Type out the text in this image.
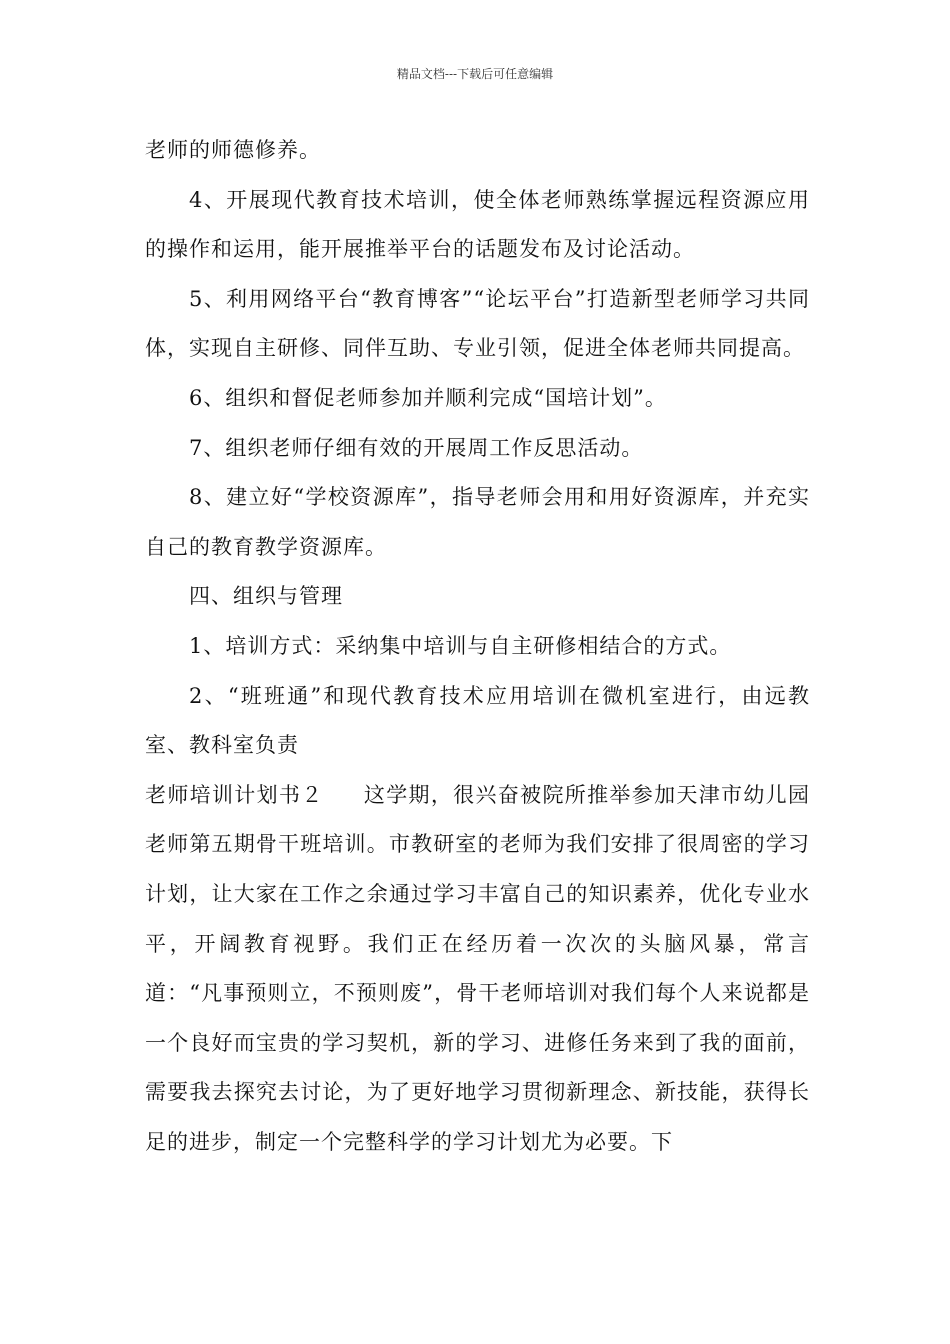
精品文档---下载后可任意编辑

老师的师德修养。

4、开展现代教育技术培训，使全体老师熟练掌握远程资源应用的操作和运用，能开展推举平台的话题发布及讨论活动。

5、利用网络平台“教育博客”“论坛平台”打造新型老师学习共同体，实现自主研修、同伴互助、专业引领，促进全体老师共同提高。

6、组织和督促老师参加并顺利完成“国培计划”。

7、组织老师仔细有效的开展周工作反思活动。

8、建立好“学校资源库”，指导老师会用和用好资源库，并充实自己的教育教学资源库。

四、组织与管理

1、培训方式：采纳集中培训与自主研修相结合的方式。

2、“班班通”和现代教育技术应用培训在微机室进行，由远教室、教科室负责

老师培训计划书２ 这学期，很兴奋被院所推举参加天津市幼儿园老师第五期骨干班培训。市教研室的老师为我们安排了很周密的学习计划，让大家在工作之余通过学习丰富自己的知识素养，优化专业水平，开阔教育视野。我们正在经历着一次次的头脑风暴，常言道：“凡事预则立，不预则废”，骨干老师培训对我们每个人来说都是一个良好而宝贵的学习契机，新的学习、进修任务来到了我的面前，需要我去探究去讨论，为了更好地学习贯彻新理念、新技能，获得长足的进步，制定一个完整科学的学习计划尤为必要。下
